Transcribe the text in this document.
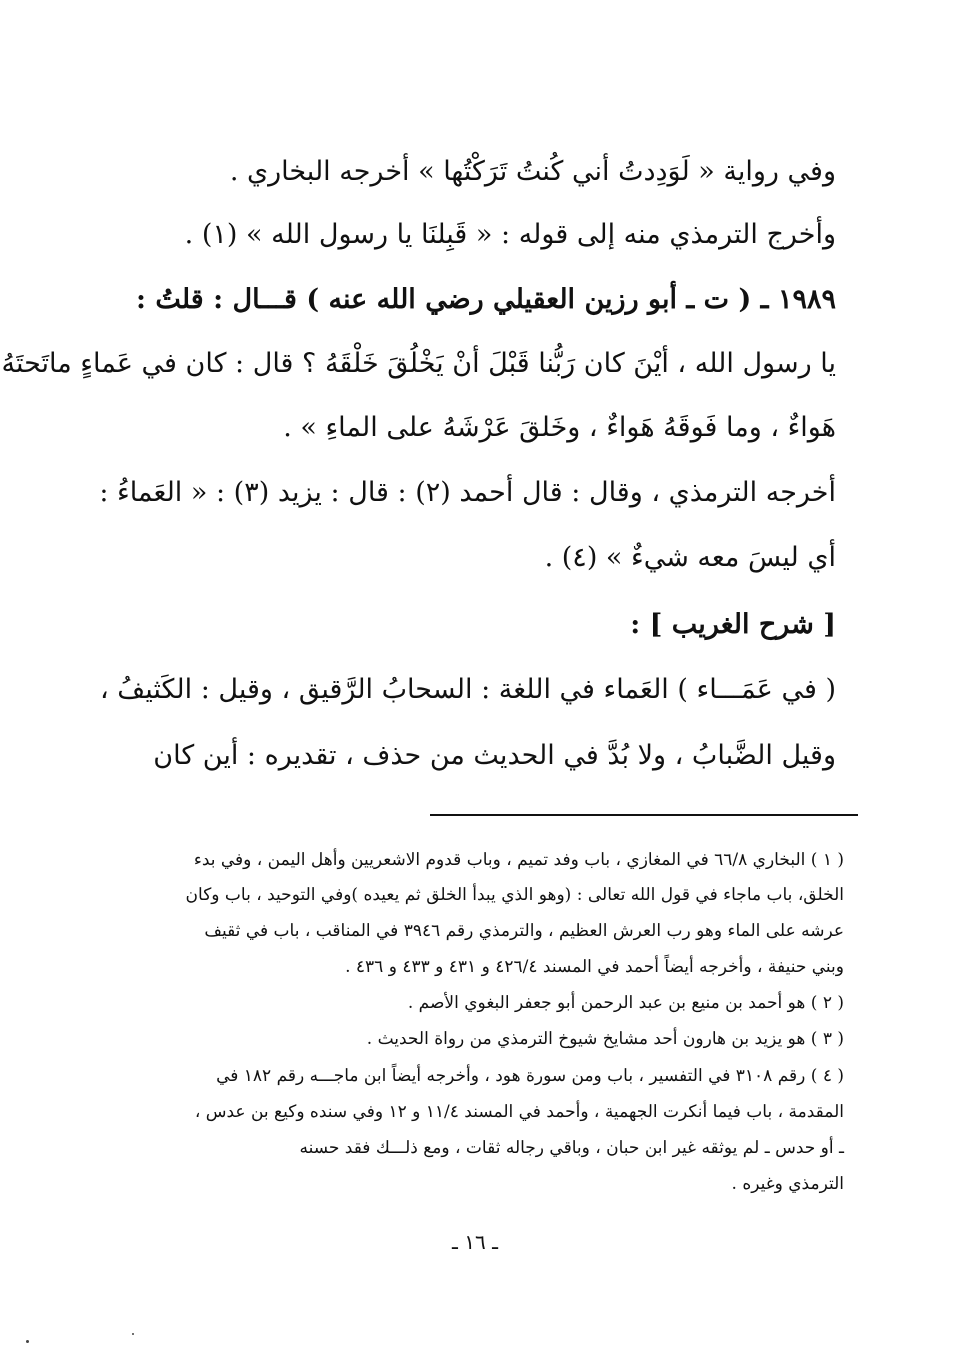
وفي رواية « لَوَدِدتُ أني كُنتُ تَرَكْتُها » أخرجه البخاري .
وأخرج الترمذي منه إلى قوله : « قَبِلنَا يا رسول الله » (١) .
١٩٨٩ ـ ( ت ـ أبو رزين العقيلي رضي الله عنه ) قـــال : قلتُ :
يا رسول الله ، أيْنَ كان رَبُّنا قَبْلَ أنْ يَخْلُقَ خَلْقَهُ ؟ قال : كان في عَماءٍ ماتَحتَهُ
هَواءٌ ، وما فَوقَهُ هَواءٌ ، وخَلقَ عَرْشَهُ على الماءِ » .
أخرجه الترمذي ، وقال : قال أحمد (٢) : قال : يزيد (٣) : « العَماءُ :
أي ليسَ معه شيءٌ » (٤) .
[ شرح الغريب ] :
( في عَمَـــاء ) العَماء في اللغة : السحابُ الرَّقيق ، وقيل : الكَثيفُ ،
وقيل الضَّبابُ ، ولا بُدَّ في الحديث من حذف ، تقديره : أين كان
( ١ ) البخاري ٦٦/٨ في المغازي ، باب وفد تميم ، وباب قدوم الاشعريين وأهل اليمن ، وفي بدء
الخلق، باب ماجاء في قول الله تعالى : (وهو الذي يبدأ الخلق ثم يعيده )وفي التوحيد ، باب وكان
عرشه على الماء وهو رب العرش العظيم ، والترمذي رقم ٣٩٤٦ في المناقب ، باب في ثقيف
وبني حنيفة ، وأخرجه أيضاً أحمد في المسند ٤٢٦/٤ و ٤٣١ و ٤٣٣ و ٤٣٦ .
( ٢ ) هو أحمد بن منيع بن عبد الرحمن أبو جعفر البغوي الأصم .
( ٣ ) هو يزيد بن هارون أحد مشايخ شيوخ الترمذي من رواة الحديث .
( ٤ ) رقم ٣١٠٨ في التفسير ، باب ومن سورة هود ، وأخرجه أيضاً ابن ماجـــه رقم ١٨٢ في
المقدمة ، باب فيما أنكرت الجهمية ، وأحمد في المسند ١١/٤ و ١٢ وفي سنده وكيع بن عدس ،
ـ أو حدس ـ لم يوثقه غير ابن حبان ، وباقي رجاله ثقات ، ومع ذلـــك فقد حسنه
الترمذي وغيره .
ـ ١٦ ـ
